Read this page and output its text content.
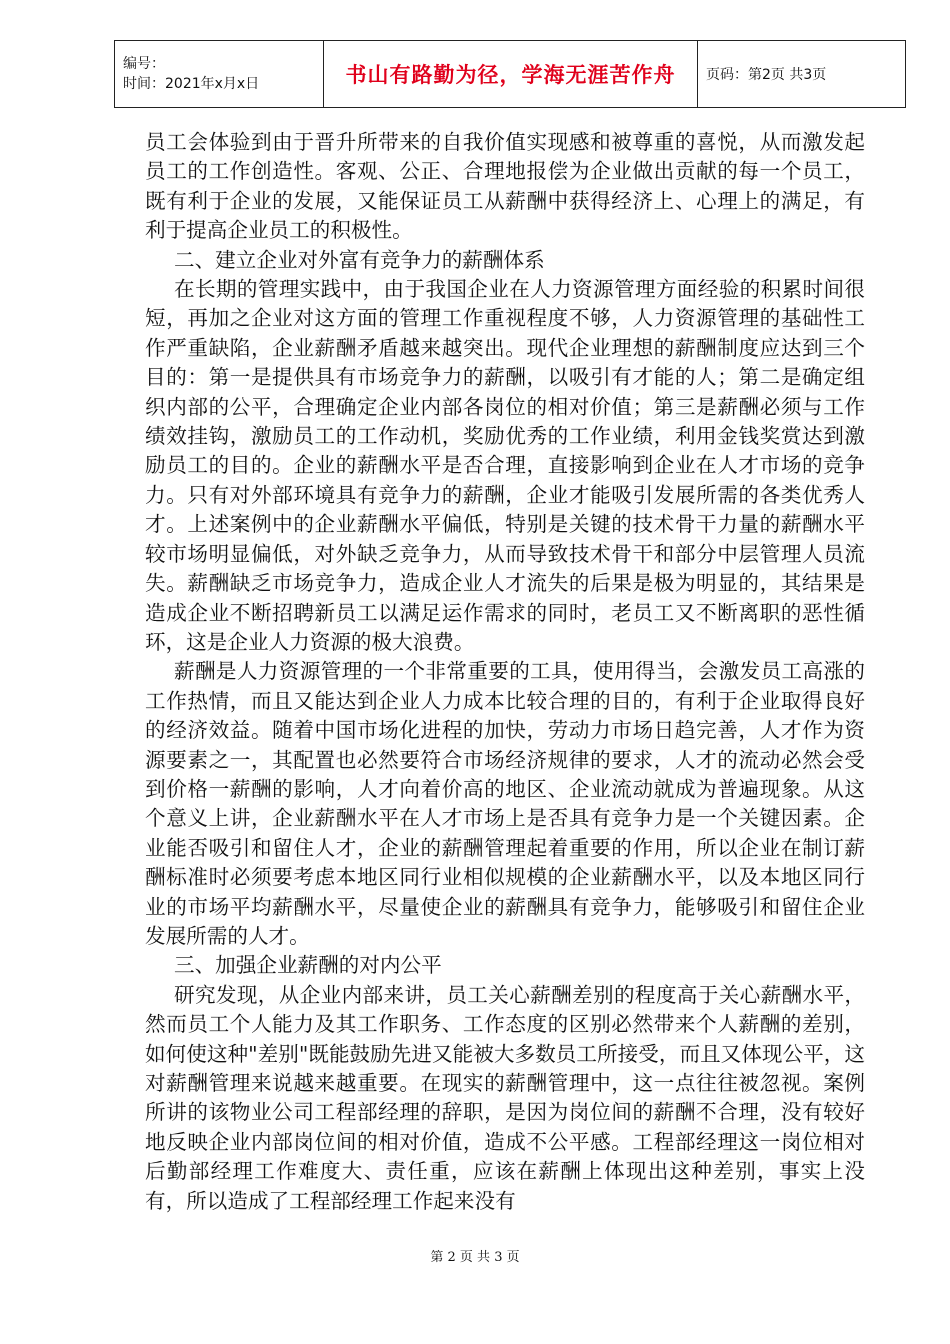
编号：
时间：2021年x月x日	书山有路勤为径，学海无涯苦作舟	页码：第2页 共3页

员工会体验到由于晋升所带来的自我价值实现感和被尊重的喜悦，从而激发起员工的工作创造性。客观、公正、合理地报偿为企业做出贡献的每一个员工，既有利于企业的发展，又能保证员工从薪酬中获得经济上、心理上的满足，有利于提高企业员工的积极性。

二、建立企业对外富有竞争力的薪酬体系

在长期的管理实践中，由于我国企业在人力资源管理方面经验的积累时间很短，再加之企业对这方面的管理工作重视程度不够，人力资源管理的基础性工作严重缺陷，企业薪酬矛盾越来越突出。现代企业理想的薪酬制度应达到三个目的：第一是提供具有市场竞争力的薪酬，以吸引有才能的人；第二是确定组织内部的公平，合理确定企业内部各岗位的相对价值；第三是薪酬必须与工作绩效挂钩，激励员工的工作动机，奖励优秀的工作业绩，利用金钱奖赏达到激励员工的目的。企业的薪酬水平是否合理，直接影响到企业在人才市场的竞争力。只有对外部环境具有竞争力的薪酬，企业才能吸引发展所需的各类优秀人才。上述案例中的企业薪酬水平偏低，特别是关键的技术骨干力量的薪酬水平较市场明显偏低，对外缺乏竞争力，从而导致技术骨干和部分中层管理人员流失。薪酬缺乏市场竞争力，造成企业人才流失的后果是极为明显的，其结果是造成企业不断招聘新员工以满足运作需求的同时，老员工又不断离职的恶性循环，这是企业人力资源的极大浪费。

薪酬是人力资源管理的一个非常重要的工具，使用得当，会激发员工高涨的工作热情，而且又能达到企业人力成本比较合理的目的，有利于企业取得良好的经济效益。随着中国市场化进程的加快，劳动力市场日趋完善，人才作为资源要素之一，其配置也必然要符合市场经济规律的要求，人才的流动必然会受到价格一薪酬的影响，人才向着价高的地区、企业流动就成为普遍现象。从这个意义上讲，企业薪酬水平在人才市场上是否具有竞争力是一个关键因素。企业能否吸引和留住人才，企业的薪酬管理起着重要的作用，所以企业在制订薪酬标准时必须要考虑本地区同行业相似规模的企业薪酬水平，以及本地区同行业的市场平均薪酬水平，尽量使企业的薪酬具有竞争力，能够吸引和留住企业发展所需的人才。

三、加强企业薪酬的对内公平

研究发现，从企业内部来讲，员工关心薪酬差别的程度高于关心薪酬水平，然而员工个人能力及其工作职务、工作态度的区别必然带来个人薪酬的差别，如何使这种"差别"既能鼓励先进又能被大多数员工所接受，而且又体现公平，这对薪酬管理来说越来越重要。在现实的薪酬管理中，这一点往往被忽视。案例所讲的该物业公司工程部经理的辞职，是因为岗位间的薪酬不合理，没有较好地反映企业内部岗位间的相对价值，造成不公平感。工程部经理这一岗位相对后勤部经理工作难度大、责任重，应该在薪酬上体现出这种差别，事实上没有，所以造成了工程部经理工作起来没有

第 2 页 共 3 页
